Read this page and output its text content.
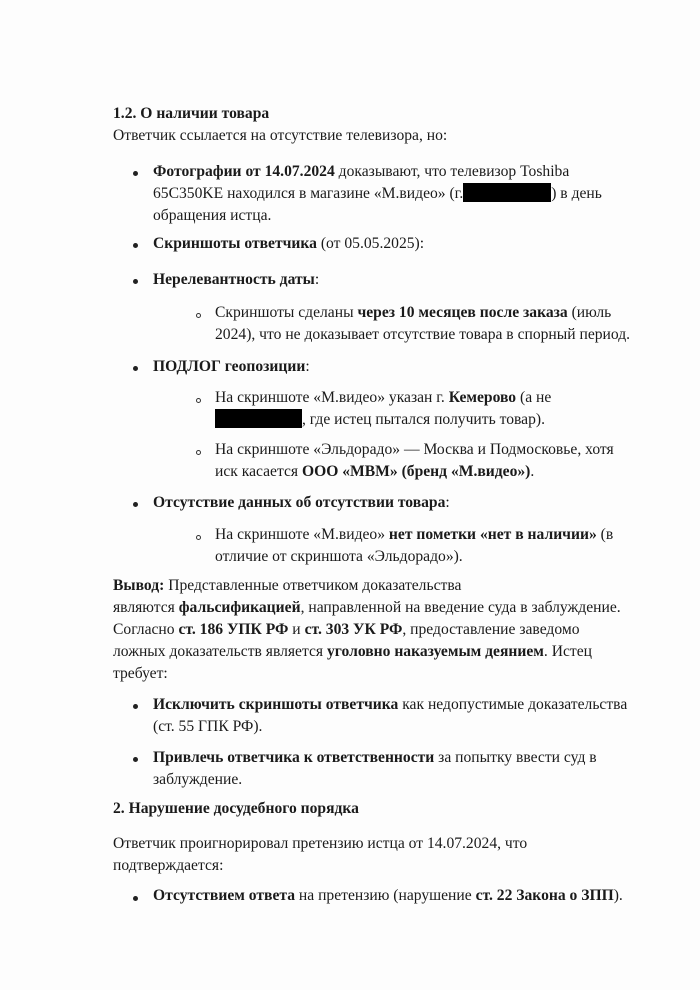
1.2. О наличии товара
Ответчик ссылается на отсутствие телевизора, но:
Фотографии от 14.07.2024 доказывают, что телевизор Toshiba
65C350KE находился в магазине «М.видео» (г.	) в день
обращения истца.
Скриншоты ответчика (от 05.05.2025):
Нерелевантность даты:
Скриншоты сделаны через 10 месяцев после заказа (июль
2024), что не доказывает отсутствие товара в спорный период.
ПОДЛОГ геопозиции:
На скриншоте «М.видео» указан г. Кемерово (а не
, где истец пытался получить товар).
На скриншоте «Эльдорадо» — Москва и Подмосковье, хотя
иск касается ООО «МВМ» (бренд «М.видео»).
Отсутствие данных об отсутствии товара:
На скриншоте «М.видео» нет пометки «нет в наличии» (в
отличие от скриншота «Эльдорадо»).
Вывод: Представленные ответчиком доказательства
являются фальсификацией, направленной на введение суда в заблуждение.
Согласно ст. 186 УПК РФ и ст. 303 УК РФ, предоставление заведомо
ложных доказательств является уголовно наказуемым деянием. Истец
требует:
Исключить скриншоты ответчика как недопустимые доказательства
(ст. 55 ГПК РФ).
Привлечь ответчика к ответственности за попытку ввести суд в
заблуждение.
2. Нарушение досудебного порядка
Ответчик проигнорировал претензию истца от 14.07.2024, что
подтверждается:
Отсутствием ответа на претензию (нарушение ст. 22 Закона о ЗПП).
